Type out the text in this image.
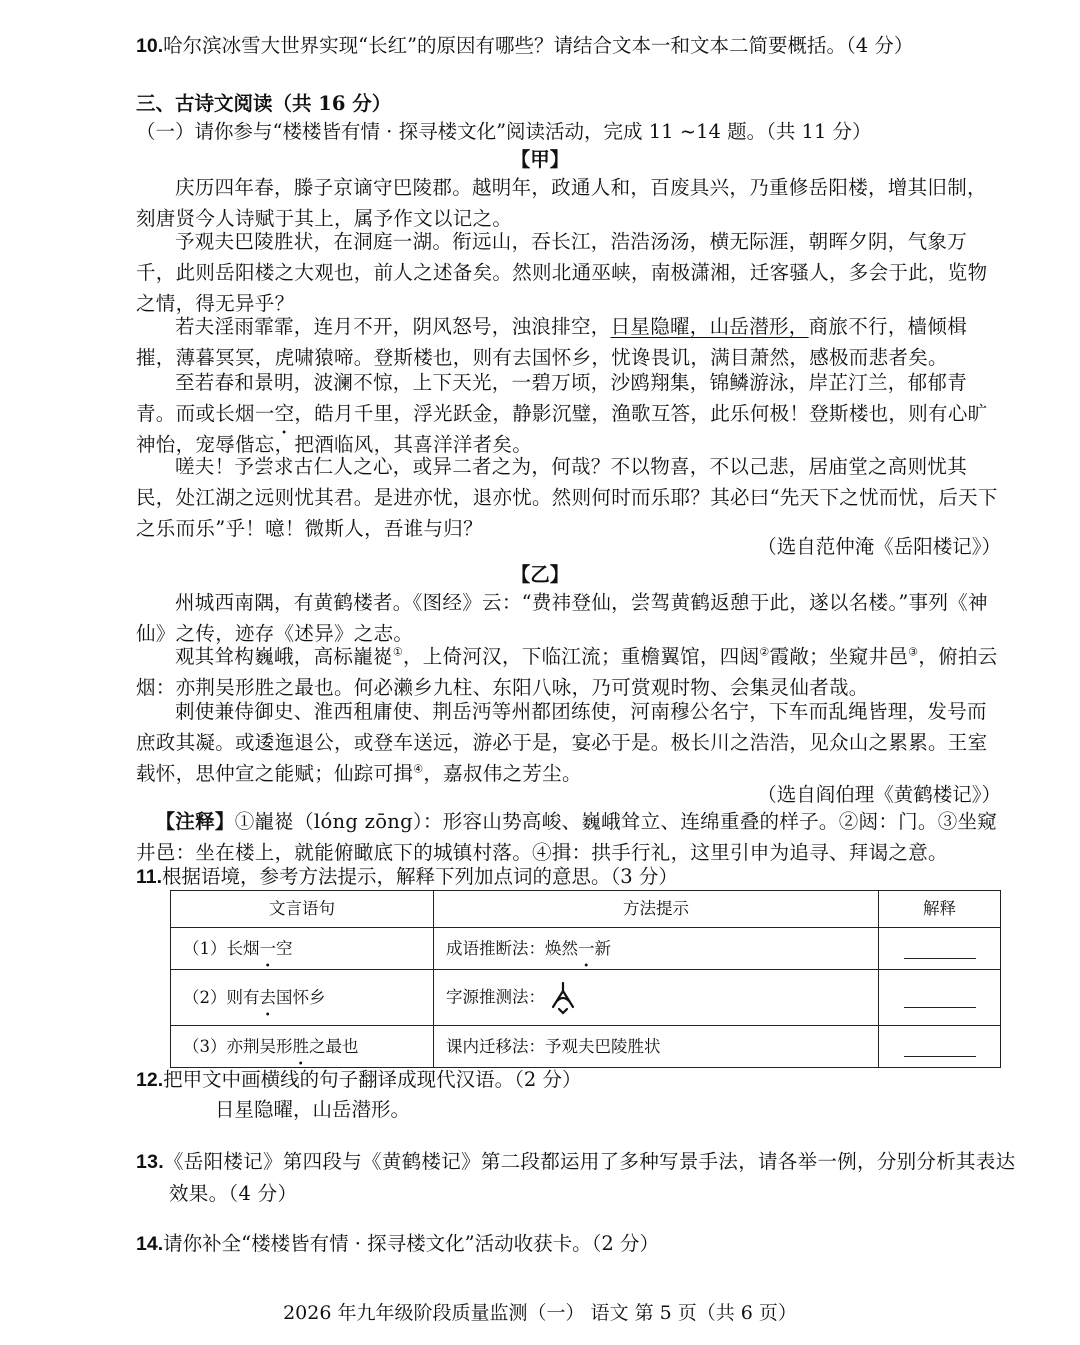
10.哈尔滨冰雪大世界实现“长红”的原因有哪些？请结合文本一和文本二简要概括。（4 分）
三、古诗文阅读（共 16 分）
（一）请你参与“楼楼皆有情 · 探寻楼文化”阅读活动，完成 11 ~14 题。（共 11 分）
【甲】
庆历四年春，滕子京谪守巴陵郡。越明年，政通人和，百废具兴，乃重修岳阳楼，增其旧制，刻唐贤今人诗赋于其上，属予作文以记之。
予观夫巴陵胜状，在洞庭一湖。衔远山，吞长江，浩浩汤汤，横无际涯，朝晖夕阴，气象万千，此则岳阳楼之大观也，前人之述备矣。然则北通巫峡，南极潇湘，迁客骚人，多会于此，览物之情，得无异乎？
若夫淫雨霏霏，连月不开，阴风怒号，浊浪排空，日星隐曜，山岳潜形，商旅不行，樯倾楫摧，薄暮冥冥，虎啸猿啼。登斯楼也，则有去国怀乡，忧谗畏讥，满目萧然，感极而悲者矣。
至若春和景明，波澜不惊，上下天光，一碧万顷，沙鸥翔集，锦鳞游泳，岸芷汀兰，郁郁青青。而或长烟一空，皓月千里，浮光跃金，静影沉璧，渔歌互答，此乐何极！登斯楼也，则有心旷神怡，宠辱偕忘，把酒临风，其喜洋洋者矣。
嗟夫！予尝求古仁人之心，或异二者之为，何哉？不以物喜，不以己悲，居庙堂之高则忧其民，处江湖之远则忧其君。是进亦忧，退亦忧。然则何时而乐耶？其必曰“先天下之忧而忧，后天下之乐而乐”乎！噫！微斯人，吾谁与归？
（选自范仲淹《岳阳楼记》）
【乙】
州城西南隅，有黄鹤楼者。《图经》云：“费祎登仙，尝驾黄鹤返憩于此，遂以名楼。”事列《神仙》之传，迹存《述异》之志。
观其耸构巍峨，高标巃嵸①，上倚河汉，下临江流；重檐翼馆，四闼②霞敞；坐窥井邑③，俯拍云烟：亦荆吴形胜之最也。何必濑乡九柱、东阳八咏，乃可赏观时物、会集灵仙者哉。
刺使兼侍御史、淮西租庸使、荆岳沔等州都团练使，河南穆公名宁，下车而乱绳皆理，发号而庶政其凝。或逶迤退公，或登车送远，游必于是，宴必于是。极长川之浩浩，见众山之累累。王室载怀，思仲宣之能赋；仙踪可揖④，嘉叔伟之芳尘。
（选自阎伯理《黄鹤楼记》）
【注释】①巃嵸（lóng zōng）：形容山势高峻、巍峨耸立、连绵重叠的样子。②闼：门。③坐窥井邑：坐在楼上，就能俯瞰底下的城镇村落。④揖：拱手行礼，这里引申为追寻、拜谒之意。
11.根据语境，参考方法提示，解释下列加点词的意思。（3 分）
文言语句	方法提示	解释
（1）长烟一空	成语推断法：焕然一新	
（2）则有去国怀乡	字源推测法：	
（3）亦荆吴形胜之最也	课内迁移法：予观夫巴陵胜状	
12.把甲文中画横线的句子翻译成现代汉语。（2 分）
日星隐曜，山岳潜形。
13.《岳阳楼记》第四段与《黄鹤楼记》第二段都运用了多种写景手法，请各举一例，分别分析其表达效果。（4 分）
14.请你补全“楼楼皆有情 · 探寻楼文化”活动收获卡。（2 分）
2026 年九年级阶段质量监测（一） 语文 第 5 页（共 6 页）
